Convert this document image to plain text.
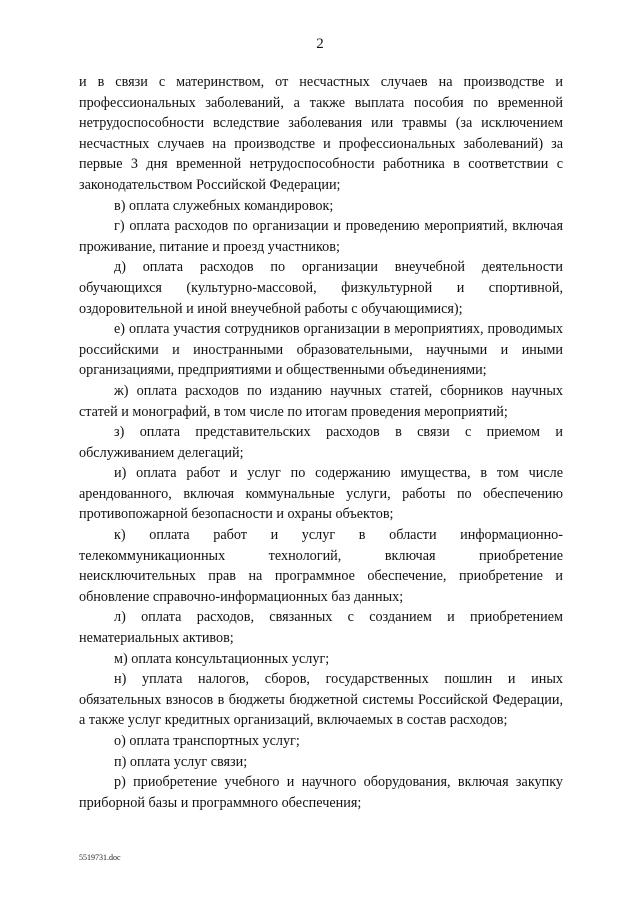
2

и в связи с материнством, от несчастных случаев на производстве и профессиональных заболеваний, а также выплата пособия по временной нетрудоспособности вследствие заболевания или травмы (за исключением несчастных случаев на производстве и профессиональных заболеваний) за первые 3 дня временной нетрудоспособности работника в соответствии с законодательством Российской Федерации;

в) оплата служебных командировок;

г) оплата расходов по организации и проведению мероприятий, включая проживание, питание и проезд участников;

д) оплата расходов по организации внеучебной деятельности обучающихся (культурно-массовой, физкультурной и спортивной, оздоровительной и иной внеучебной работы с обучающимися);

е) оплата участия сотрудников организации в мероприятиях, проводимых российскими и иностранными образовательными, научными и иными организациями, предприятиями и общественными объединениями;

ж) оплата расходов по изданию научных статей, сборников научных статей и монографий, в том числе по итогам проведения мероприятий;

з) оплата представительских расходов в связи с приемом и обслуживанием делегаций;

и) оплата работ и услуг по содержанию имущества, в том числе арендованного, включая коммунальные услуги, работы по обеспечению противопожарной безопасности и охраны объектов;

к) оплата работ и услуг в области информационно-телекоммуникационных технологий, включая приобретение неисключительных прав на программное обеспечение, приобретение и обновление справочно-информационных баз данных;

л) оплата расходов, связанных с созданием и приобретением нематериальных активов;

м) оплата консультационных услуг;

н) уплата налогов, сборов, государственных пошлин и иных обязательных взносов в бюджеты бюджетной системы Российской Федерации, а также услуг кредитных организаций, включаемых в состав расходов;

о) оплата транспортных услуг;

п) оплата услуг связи;

р) приобретение учебного и научного оборудования, включая закупку приборной базы и программного обеспечения;

5519731.doc
